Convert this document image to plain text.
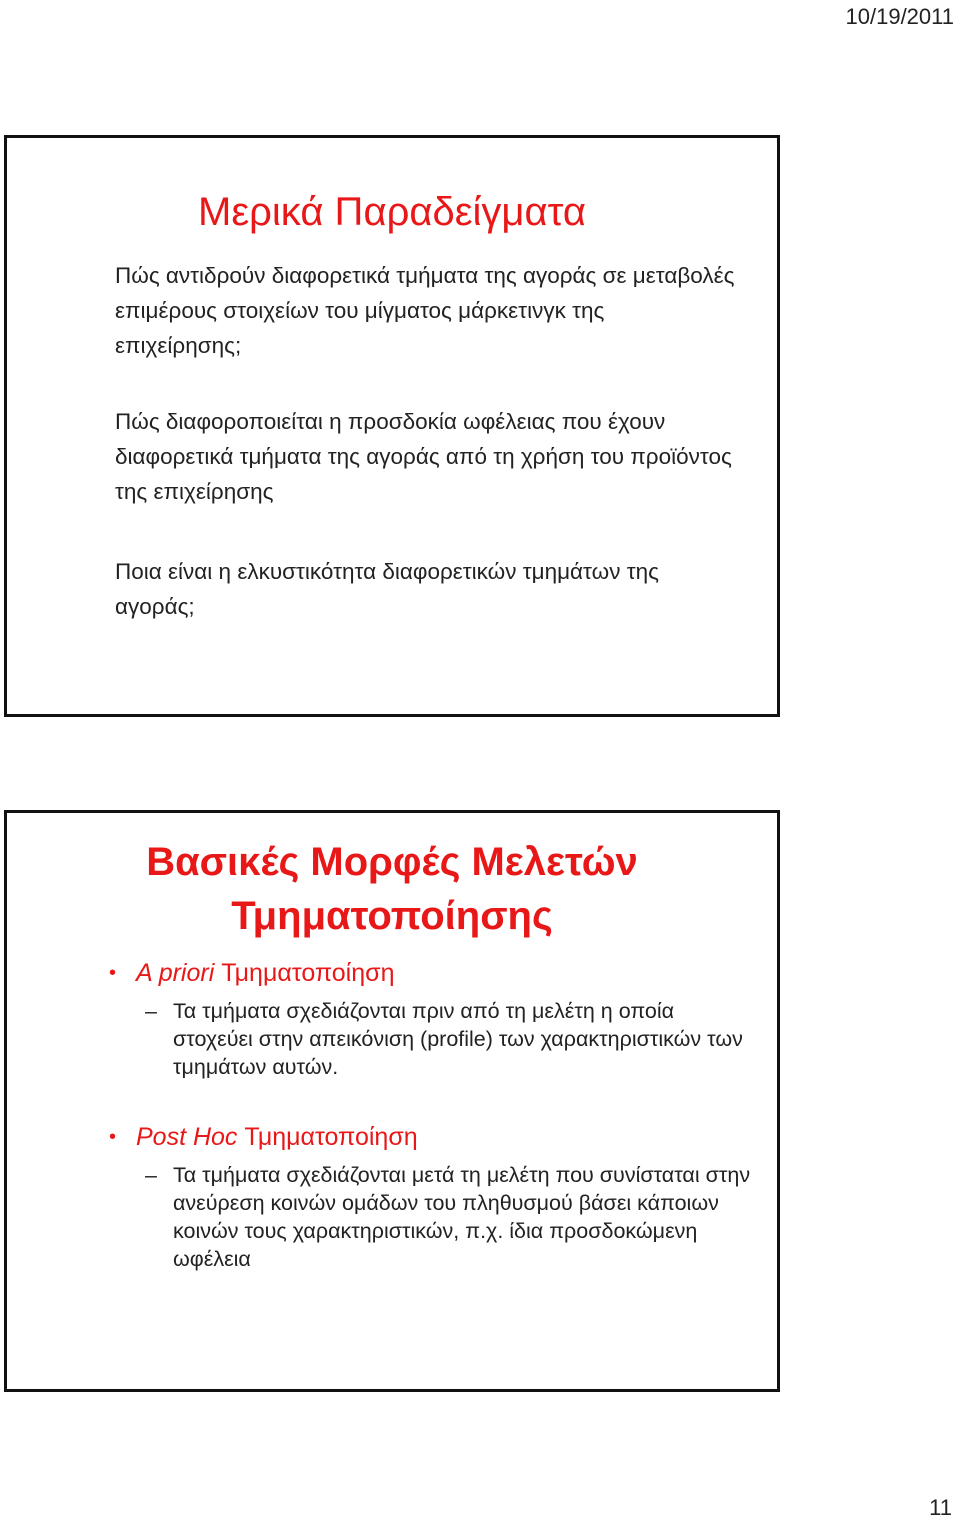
10/19/2011
Μερικά Παραδείγματα

Πώς αντιδρούν διαφορετικά τμήματα της αγοράς σε μεταβολές επιμέρους στοιχείων του μίγματος μάρκετινγκ της επιχείρησης;

Πώς διαφοροποιείται η προσδοκία ωφέλειας που έχουν διαφορετικά τμήματα της αγοράς από τη χρήση του προϊόντος της επιχείρησης

Ποια είναι η ελκυστικότητα διαφορετικών τμημάτων της αγοράς;

Βασικές Μορφές Μελετών
Τμηματοποίησης
• A priori Τμηματοποίηση
– Τα τμήματα σχεδιάζονται πριν από τη μελέτη η οποία στοχεύει στην απεικόνιση (profile) των χαρακτηριστικών των τμημάτων αυτών.
• Post Hoc Τμηματοποίηση
– Τα τμήματα σχεδιάζονται μετά τη μελέτη που συνίσταται στην ανεύρεση κοινών ομάδων του πληθυσμού βάσει κάποιων κοινών τους χαρακτηριστικών, π.χ. ίδια προσδοκώμενη ωφέλεια
11
